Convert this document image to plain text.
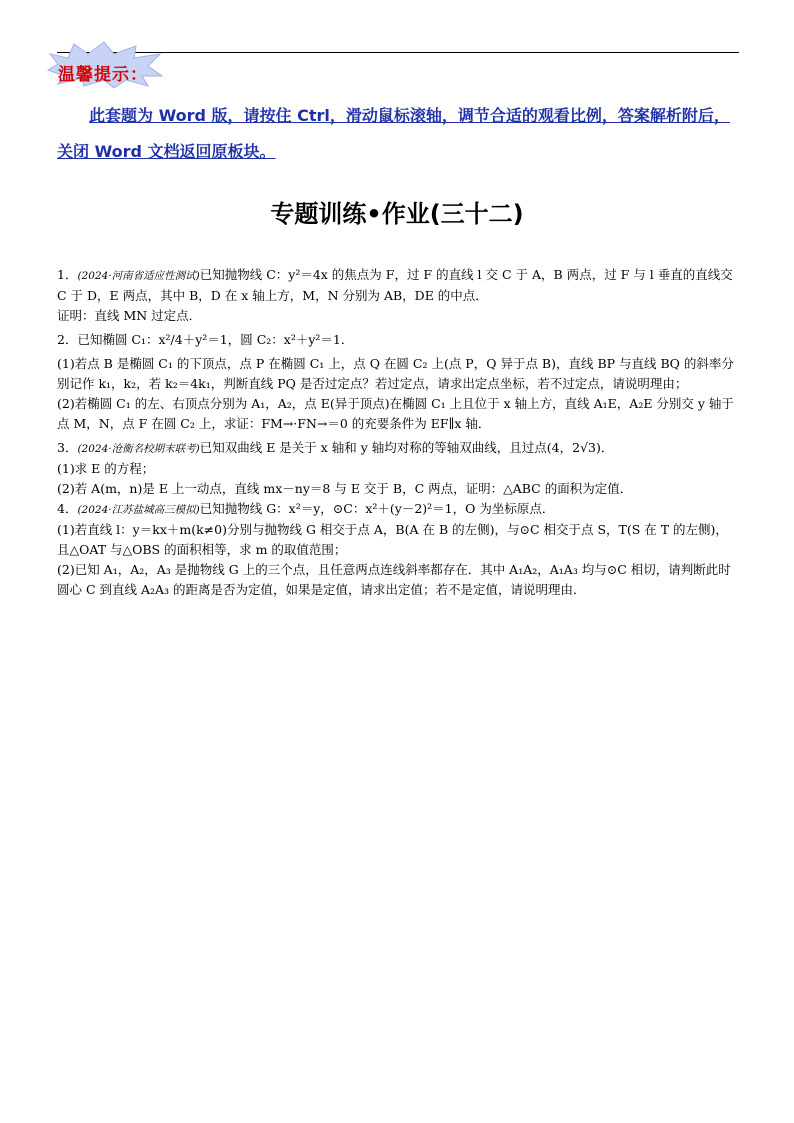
温馨提示：
此套题为 Word 版，请按住 Ctrl，滑动鼠标滚轴，调节合适的观看比例，答案解析附后，关闭 Word 文档返回原板块。
专题训练•作业(三十二)

1．(2024·河南省适应性测试)已知抛物线 C：y²＝4x 的焦点为 F，过 F 的直线 l 交 C 于 A，B 两点，过 F 与 l 垂直的直线交 C 于 D，E 两点，其中 B，D 在 x 轴上方，M，N 分别为 AB，DE 的中点．

证明：直线 MN 过定点．

2．已知椭圆 C₁：x²/4＋y²＝1，圆 C₂：x²＋y²＝1．

(1)若点 B 是椭圆 C₁ 的下顶点，点 P 在椭圆 C₁ 上，点 Q 在圆 C₂ 上(点 P，Q 异于点 B)，直线 BP 与直线 BQ 的斜率分别记作 k₁，k₂，若 k₂＝4k₁，判断直线 PQ 是否过定点？若过定点，请求出定点坐标，若不过定点，请说明理由；

(2)若椭圆 C₁ 的左、右顶点分别为 A₁，A₂，点 E(异于顶点)在椭圆 C₁ 上且位于 x 轴上方，直线 A₁E，A₂E 分别交 y 轴于点 M，N，点 F 在圆 C₂ 上，求证：FM→·FN→＝0 的充要条件为 EF∥x 轴．

3．(2024·沧衡名校期末联考)已知双曲线 E 是关于 x 轴和 y 轴均对称的等轴双曲线，且过点(4，2√3)．

(1)求 E 的方程；

(2)若 A(m，n)是 E 上一动点，直线 mx－ny＝8 与 E 交于 B，C 两点，证明：△ABC 的面积为定值．

4．(2024·江苏盐城高三模拟)已知抛物线 G：x²＝y，⊙C：x²＋(y－2)²＝1，O 为坐标原点．

(1)若直线 l：y＝kx＋m(k≠0)分别与抛物线 G 相交于点 A，B(A 在 B 的左侧)，与⊙C 相交于点 S，T(S 在 T 的左侧)，且△OAT 与△OBS 的面积相等，求 m 的取值范围；

(2)已知 A₁，A₂，A₃ 是抛物线 G 上的三个点，且任意两点连线斜率都存在．其中 A₁A₂，A₁A₃ 均与⊙C 相切，请判断此时圆心 C 到直线 A₂A₃ 的距离是否为定值，如果是定值，请求出定值；若不是定值，请说明理由．
